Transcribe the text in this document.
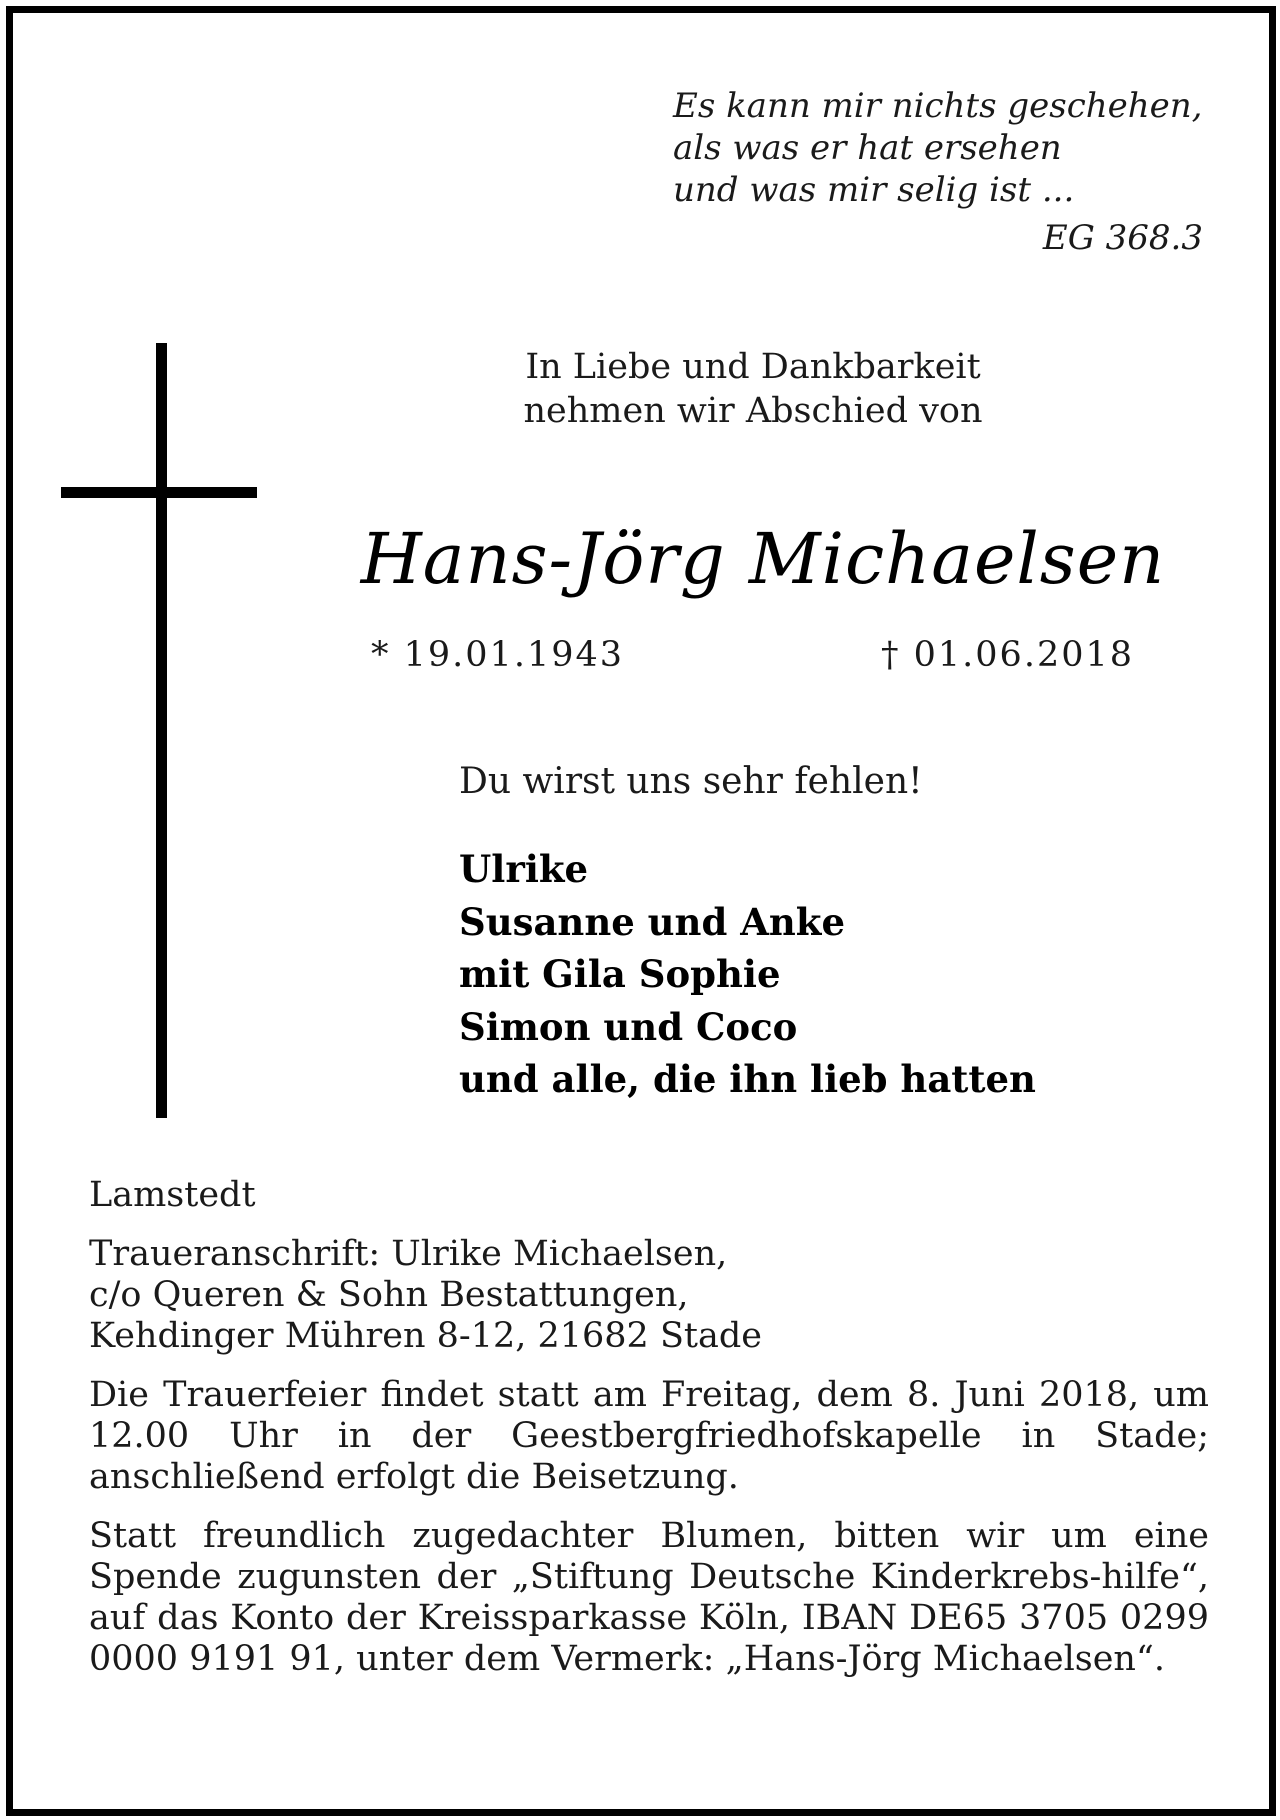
Es kann mir nichts geschehen,
als was er hat ersehen
und was mir selig ist ...
EG 368.3
In Liebe und Dankbarkeit
nehmen wir Abschied von
Hans-Jörg Michaelsen
* 19.01.1943	† 01.06.2018
Du wirst uns sehr fehlen!
Ulrike
Susanne und Anke
mit Gila Sophie
Simon und Coco
und alle, die ihn lieb hatten

Lamstedt

Traueranschrift: Ulrike Michaelsen,
c/o Queren & Sohn Bestattungen,
Kehdinger Mühren 8-12, 21682 Stade

Die Trauerfeier findet statt am Freitag, dem 8. Juni 2018, um 12.00 Uhr in der Geestbergfriedhofskapelle in Stade; anschließend erfolgt die Beisetzung.

Statt freundlich zugedachter Blumen, bitten wir um eine Spende zugunsten der „Stiftung Deutsche Kinderkrebs-hilfe“, auf das Konto der Kreissparkasse Köln, IBAN DE65 3705 0299 0000 9191 91, unter dem Vermerk: „Hans-Jörg Michaelsen“.
